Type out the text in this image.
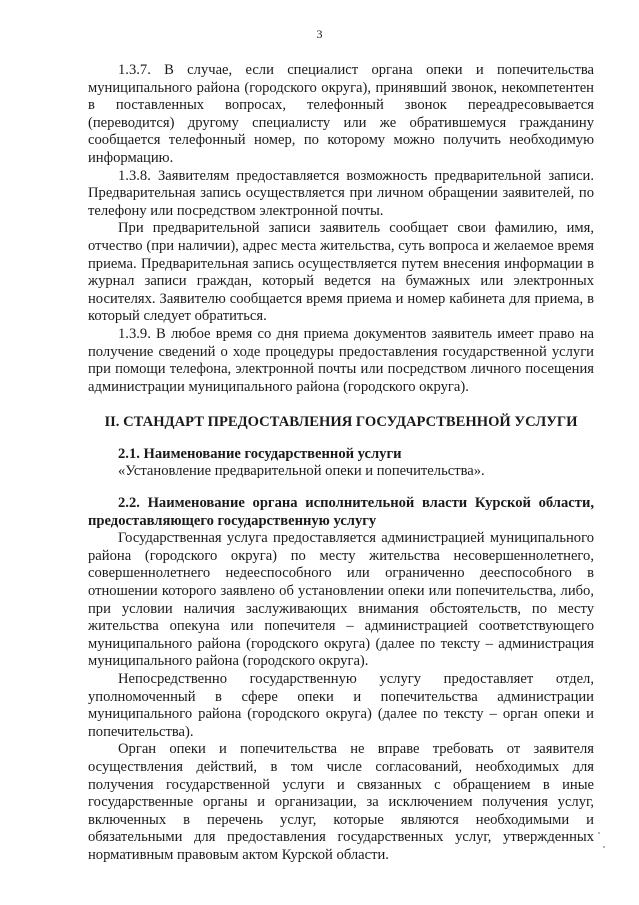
3

1.3.7. В случае, если специалист органа опеки и попечительства муниципального района (городского округа), принявший звонок, некомпетентен в поставленных вопросах, телефонный звонок переадресовывается (переводится) другому специалисту или же обратившемуся гражданину сообщается телефонный номер, по которому можно получить необходимую информацию.

1.3.8. Заявителям предоставляется возможность предварительной записи. Предварительная запись осуществляется при личном обращении заявителей, по телефону или посредством электронной почты.

При предварительной записи заявитель сообщает свои фамилию, имя, отчество (при наличии), адрес места жительства, суть вопроса и желаемое время приема. Предварительная запись осуществляется путем внесения информации в журнал записи граждан, который ведется на бумажных или электронных носителях. Заявителю сообщается время приема и номер кабинета для приема, в который следует обратиться.

1.3.9. В любое время со дня приема документов заявитель имеет право на получение сведений о ходе процедуры предоставления государственной услуги при помощи телефона, электронной почты или посредством личного посещения администрации муниципального района (городского округа).

II. СТАНДАРТ ПРЕДОСТАВЛЕНИЯ ГОСУДАРСТВЕННОЙ УСЛУГИ

2.1. Наименование государственной услуги

«Установление предварительной опеки и попечительства».

2.2. Наименование органа исполнительной власти Курской области, предоставляющего государственную услугу

Государственная услуга предоставляется администрацией муниципального района (городского округа) по месту жительства несовершеннолетнего, совершеннолетнего недееспособного или ограниченно дееспособного в отношении которого заявлено об установлении опеки или попечительства, либо, при условии наличия заслуживающих внимания обстоятельств, по месту жительства опекуна или попечителя – администрацией соответствующего муниципального района (городского округа) (далее по тексту – администрация муниципального района (городского округа).

Непосредственно государственную услугу предоставляет отдел, уполномоченный в сфере опеки и попечительства администрации муниципального района (городского округа) (далее по тексту – орган опеки и попечительства).

Орган опеки и попечительства не вправе требовать от заявителя осуществления действий, в том числе согласований, необходимых для получения государственной услуги и связанных с обращением в иные государственные органы и организации, за исключением получения услуг, включенных в перечень услуг, которые являются необходимыми и обязательными для предоставления государственных услуг, утвержденных нормативным правовым актом Курской области.
